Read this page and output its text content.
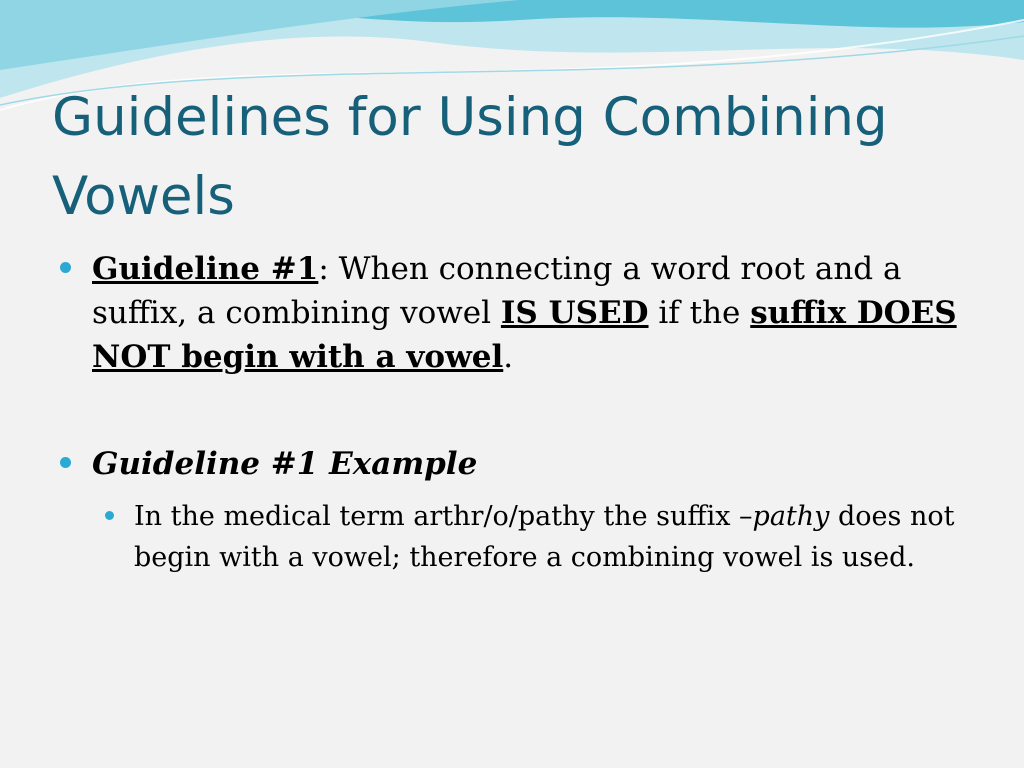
Guidelines for Using Combining Vowels
Guideline #1: When connecting a word root and a suffix, a combining vowel IS USED if the suffix DOES NOT begin with a vowel.
Guideline #1 Example
In the medical term arthr/o/pathy the suffix –pathy does not begin with a vowel; therefore a combining vowel is used.
